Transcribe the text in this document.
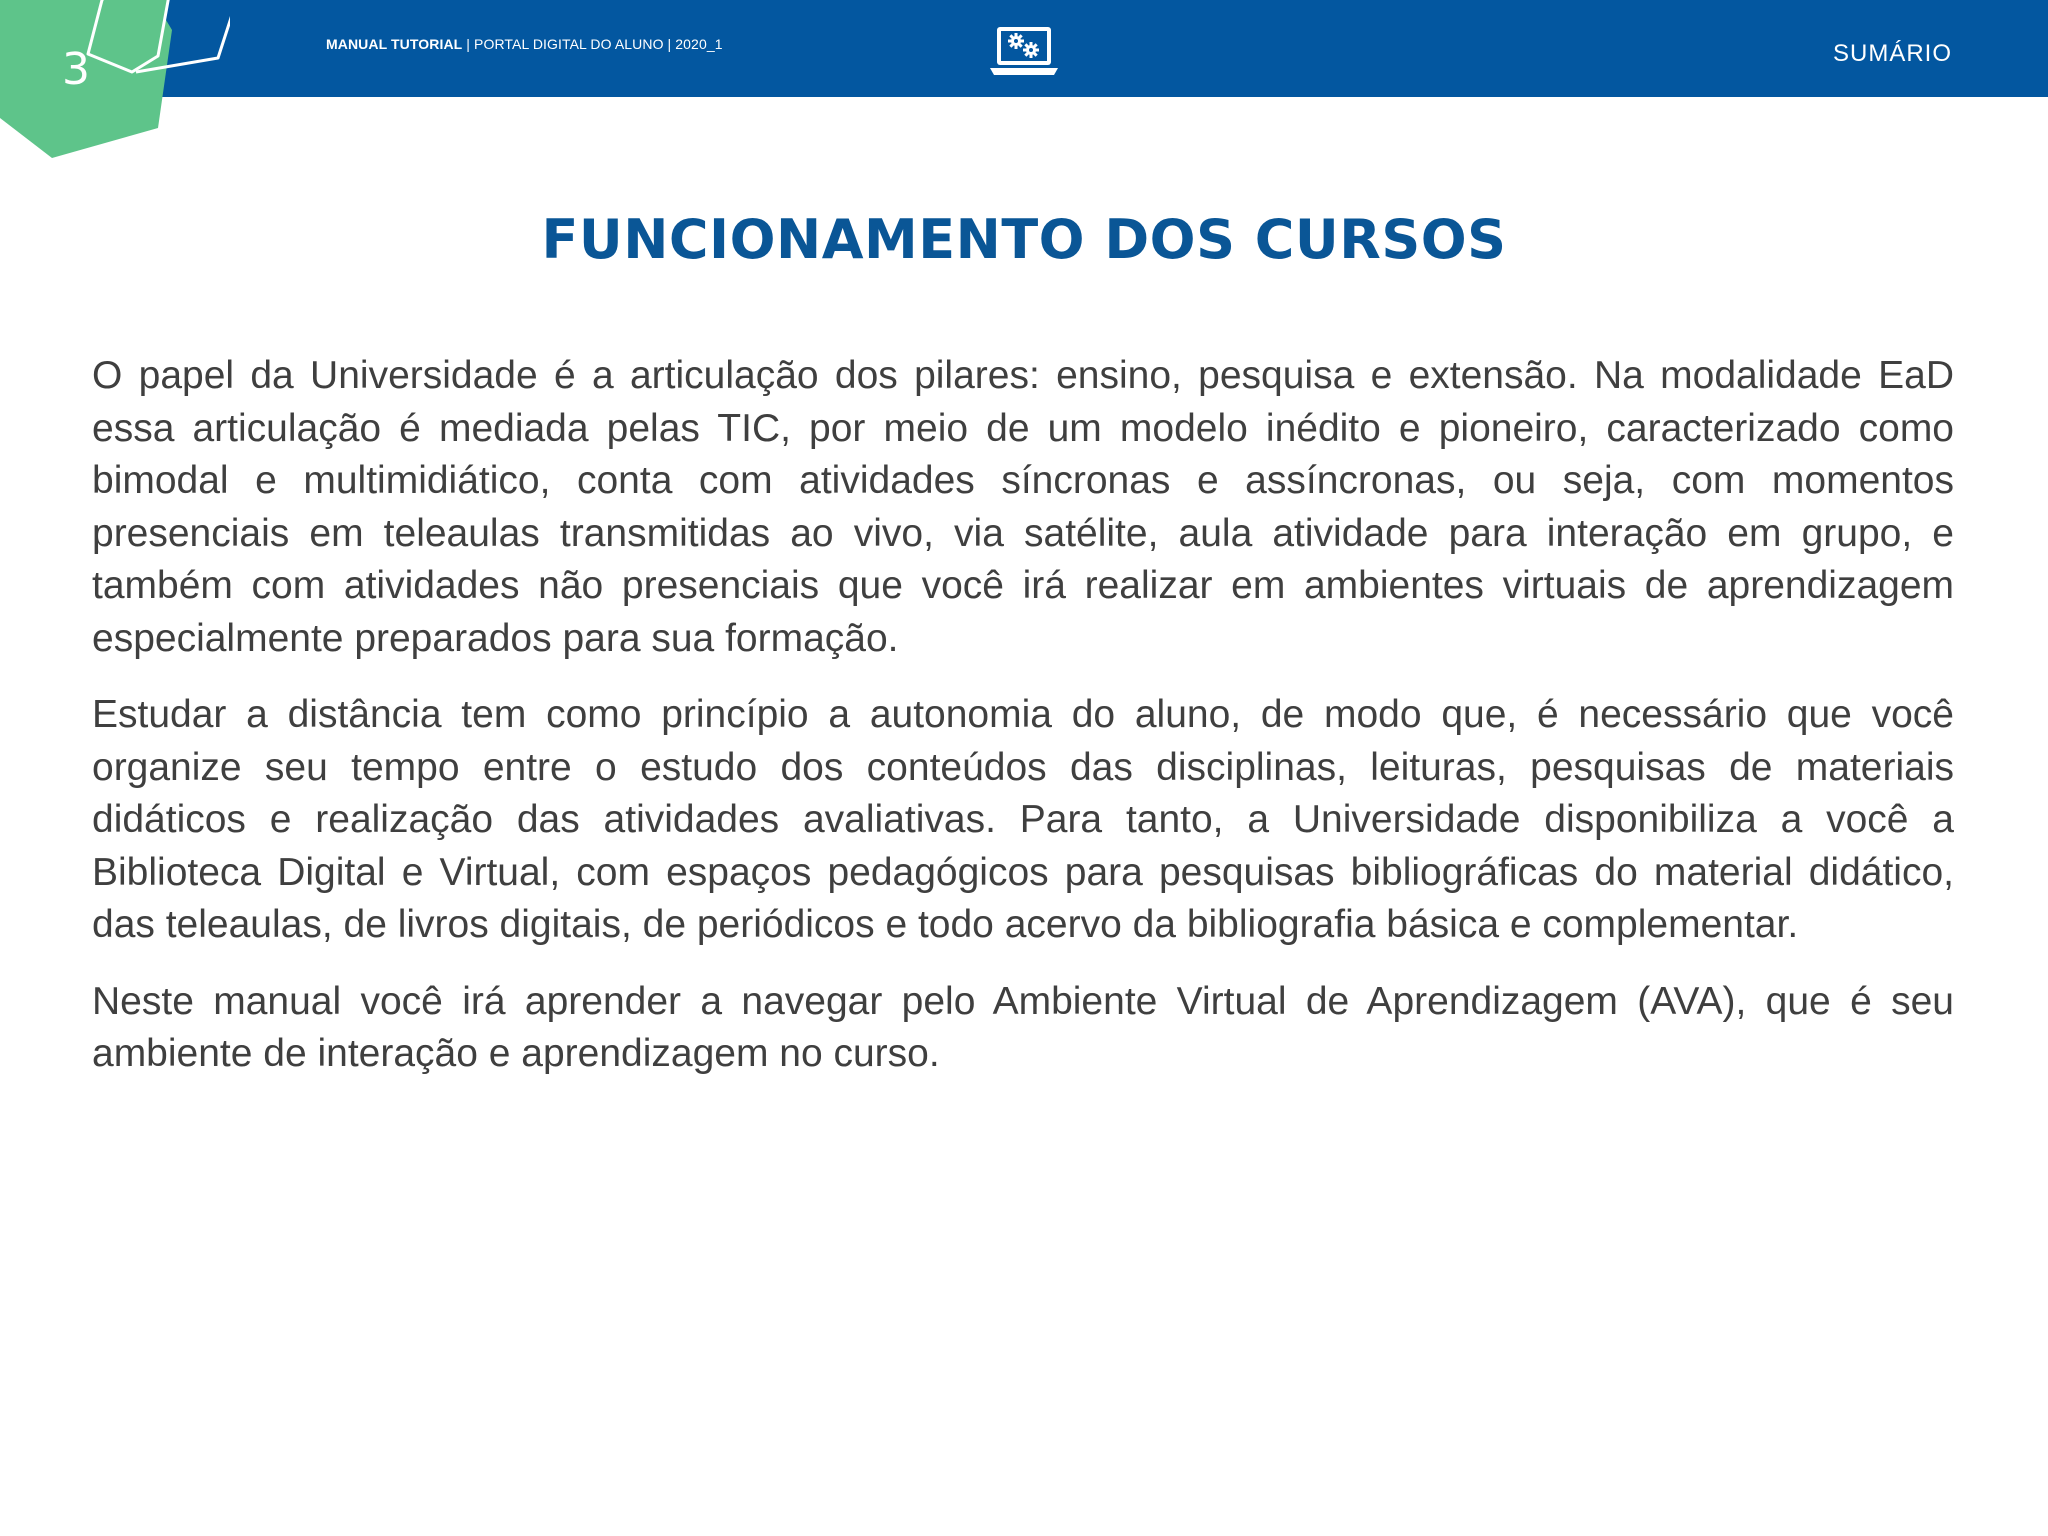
3	MANUAL TUTORIAL | PORTAL DIGITAL DO ALUNO | 2020_1	SUMÁRIO
FUNCIONAMENTO DOS CURSOS

O papel da Universidade é a articulação dos pilares: ensino, pesquisa e extensão. Na modalidade EaD essa articulação é mediada pelas TIC, por meio de um modelo inédito e pioneiro, caracterizado como bimodal e multimidiático, conta com atividades síncronas e assíncronas, ou seja, com momentos presenciais em teleaulas transmitidas ao vivo, via satélite, aula atividade para interação em grupo, e também com atividades não presenciais que você irá realizar em ambientes virtuais de aprendizagem especialmente preparados para sua formação.

Estudar a distância tem como princípio a autonomia do aluno, de modo que, é necessário que você organize seu tempo entre o estudo dos conteúdos das disciplinas, leituras, pesquisas de materiais didáticos e realização das atividades avaliativas. Para tanto, a Universidade disponibiliza a você a Biblioteca Digital e Virtual, com espaços pedagógicos para pesquisas bibliográficas do material didático, das teleaulas, de livros digitais, de periódicos e todo acervo da bibliografia básica e complementar.

Neste manual você irá aprender a navegar pelo Ambiente Virtual de Aprendizagem (AVA), que é seu ambiente de interação e aprendizagem no curso.
